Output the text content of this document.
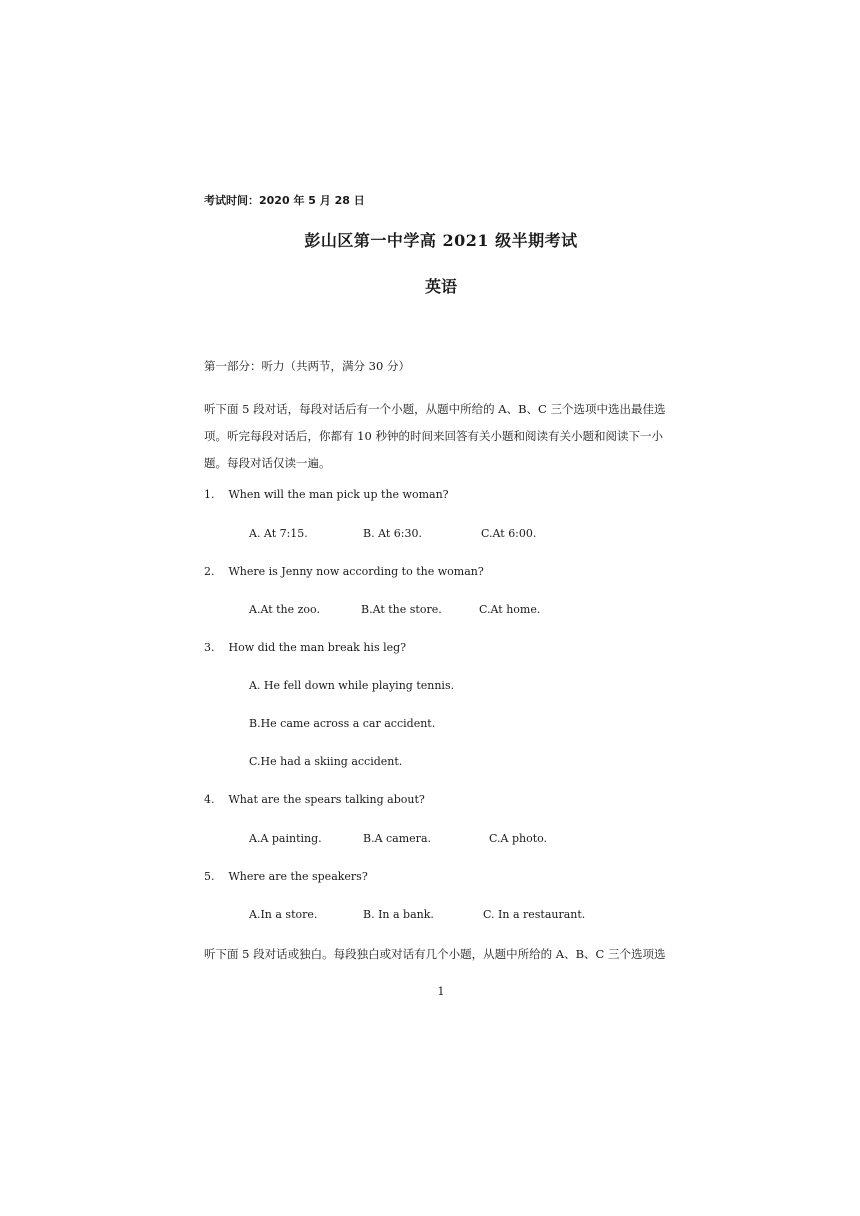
考试时间：2020 年 5 月 28 日
彭山区第一中学高 2021 级半期考试
英语
第一部分：听力（共两节，满分 30 分）
听下面 5 段对话，每段对话后有一个小题，从题中所给的 A、B、C 三个选项中选出最佳选
项。听完每段对话后，你都有 10 秒钟的时间来回答有关小题和阅读有关小题和阅读下一小
题。每段对话仅读一遍。
1. When will the man pick up the woman?
A. At 7:15.	B. At 6:30.	C.At 6:00.
2. Where is Jenny now according to the woman?
A.At the zoo.	B.At the store.	C.At home.
3. How did the man break his leg?
A. He fell down while playing tennis.
B.He came across a car accident.
C.He had a skiing accident.
4. What are the spears talking about?
A.A painting.	B.A camera.	C.A photo.
5. Where are the speakers?
A.In a store.	B. In a bank.	C. In a restaurant.
听下面 5 段对话或独白。每段独白或对话有几个小题，从题中所给的 A、B、C 三个选项选
1
